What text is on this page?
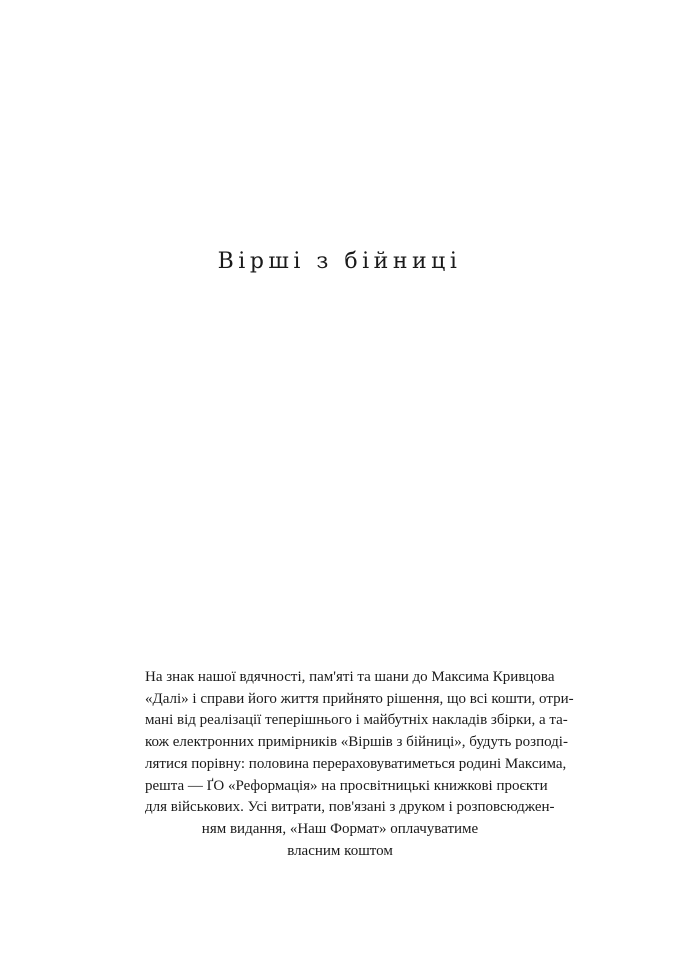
Вірші з бійниці
На знак нашої вдячності, пам'яті та шани до Максима Кривцова
«Далі» і справи його життя прийнято рішення, що всі кошти, отри-
мані від реалізації теперішнього і майбутніх накладів збірки, а та-
кож електронних примірників «Віршів з бійниці», будуть розподі-
лятися порівну: половина перераховуватиметься родині Максима,
решта — ҐО «Реформація» на просвітницькі книжкові проєкти
для військових. Усі витрати, пов'язані з друком і розповсюджен-
ням видання, «Наш Формат» оплачуватиме
власним коштом
